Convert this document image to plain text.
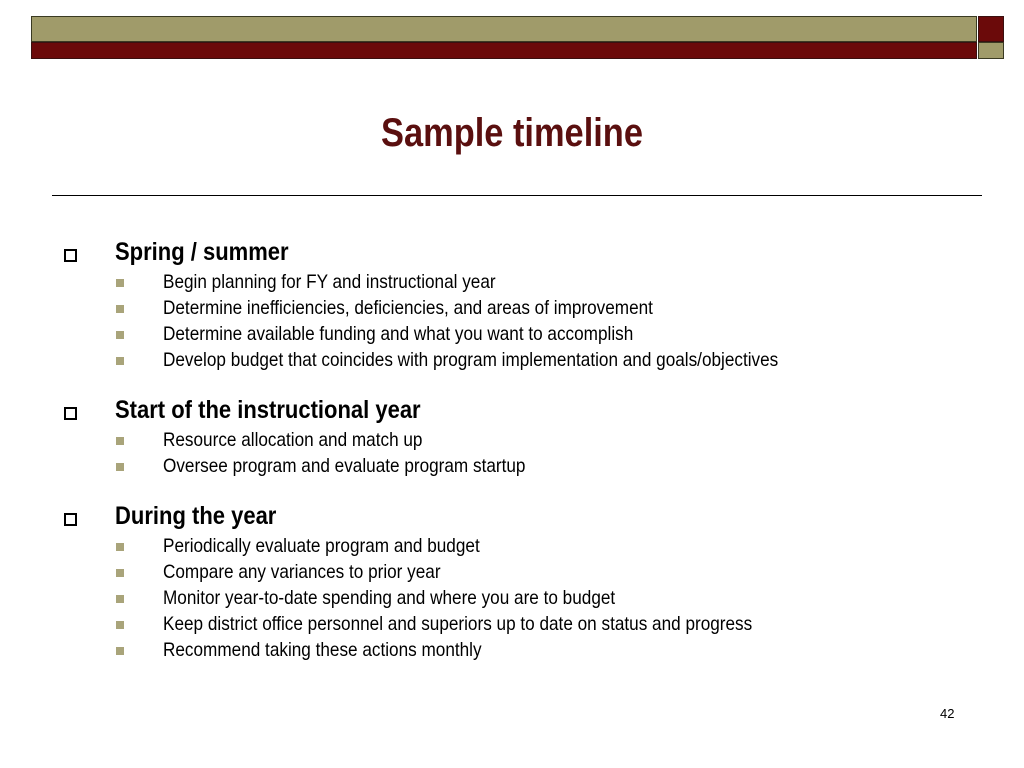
Sample timeline
Spring / summer
Begin planning for FY and instructional year
Determine inefficiencies, deficiencies, and areas of improvement
Determine available funding and what you want to accomplish
Develop budget that coincides with program implementation and goals/objectives
Start of the instructional year
Resource allocation and match up
Oversee program and evaluate program startup
During the year
Periodically evaluate program and budget
Compare any variances to prior year
Monitor year-to-date spending and where you are to budget
Keep district office personnel and superiors up to date on status and progress
Recommend taking these actions monthly
42
